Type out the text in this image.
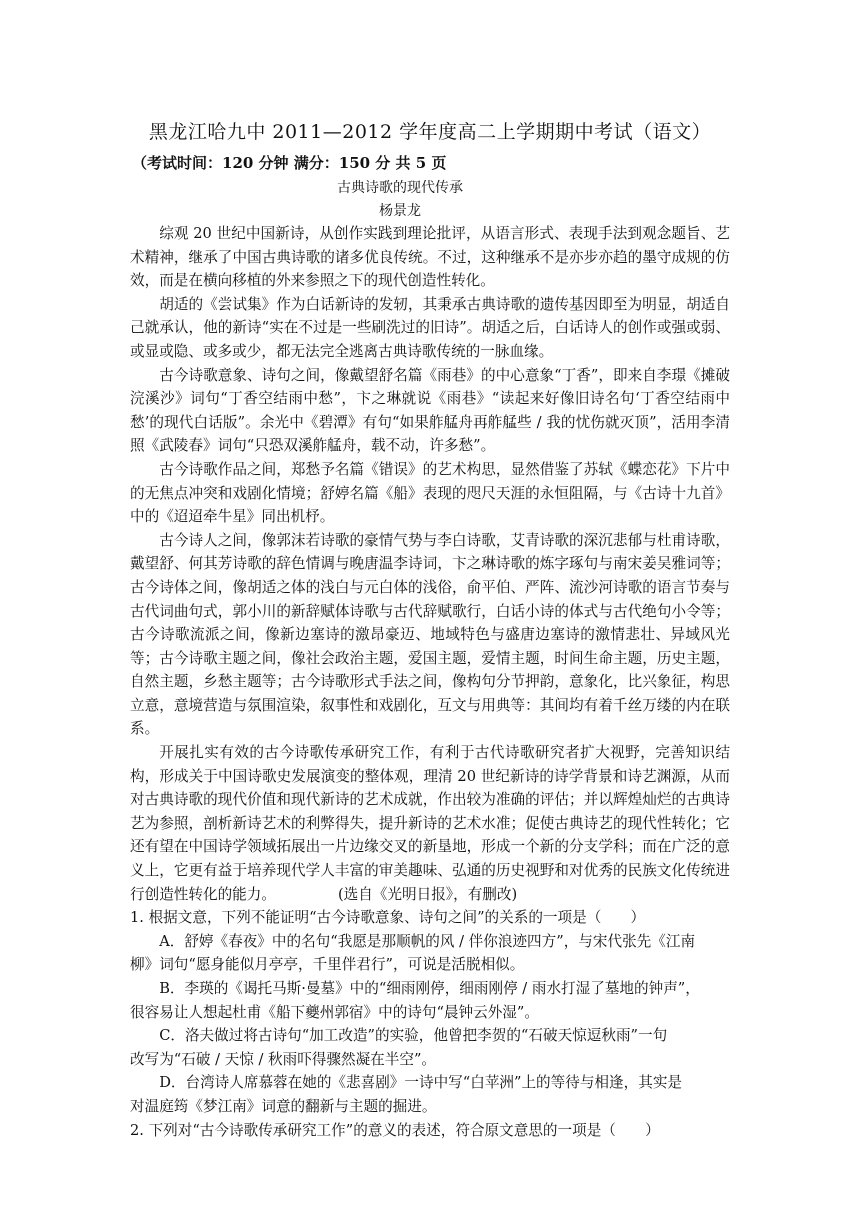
黑龙江哈九中 2011—2012 学年度高二上学期期中考试（语文）
（考试时间：120 分钟 满分：150 分 共 5 页
古典诗歌的现代传承
杨景龙

综观 20 世纪中国新诗，从创作实践到理论批评，从语言形式、表现手法到观念题旨、艺术精神，继承了中国古典诗歌的诸多优良传统。不过，这种继承不是亦步亦趋的墨守成规的仿效，而是在横向移植的外来参照之下的现代创造性转化。

胡适的《尝试集》作为白话新诗的发轫，其秉承古典诗歌的遗传基因即至为明显，胡适自己就承认，他的新诗“实在不过是一些刷洗过的旧诗”。胡适之后，白话诗人的创作或强或弱、或显或隐、或多或少，都无法完全逃离古典诗歌传统的一脉血缘。

古今诗歌意象、诗句之间，像戴望舒名篇《雨巷》的中心意象“丁香”，即来自李璟《摊破浣溪沙》词句“丁香空结雨中愁”，卞之琳就说《雨巷》“读起来好像旧诗名句‘丁香空结雨中愁’的现代白话版”。余光中《碧潭》有句“如果舴艋舟再舴艋些 / 我的忧伤就灭顶”，活用李清照《武陵春》词句“只恐双溪舴艋舟，载不动，许多愁”。

古今诗歌作品之间，郑愁予名篇《错误》的艺术构思，显然借鉴了苏轼《蝶恋花》下片中的无焦点冲突和戏剧化情境；舒婷名篇《船》表现的咫尺天涯的永恒阻隔，与《古诗十九首》中的《迢迢牵牛星》同出机杼。

古今诗人之间，像郭沫若诗歌的豪情气势与李白诗歌，艾青诗歌的深沉悲郁与杜甫诗歌，戴望舒、何其芳诗歌的辞色情调与晚唐温李诗词，卞之琳诗歌的炼字琢句与南宋姜吴雅词等；古今诗体之间，像胡适之体的浅白与元白体的浅俗，俞平伯、严阵、流沙河诗歌的语言节奏与古代词曲句式，郭小川的新辞赋体诗歌与古代辞赋歌行，白话小诗的体式与古代绝句小令等；古今诗歌流派之间，像新边塞诗的激昂豪迈、地域特色与盛唐边塞诗的激情悲壮、异域风光等；古今诗歌主题之间，像社会政治主题，爱国主题，爱情主题，时间生命主题，历史主题，自然主题，乡愁主题等；古今诗歌形式手法之间，像构句分节押韵，意象化，比兴象征，构思立意，意境营造与氛围渲染，叙事性和戏剧化，互文与用典等：其间均有着千丝万缕的内在联系。

开展扎实有效的古今诗歌传承研究工作，有利于古代诗歌研究者扩大视野，完善知识结构，形成关于中国诗歌史发展演变的整体观，理清 20 世纪新诗的诗学背景和诗艺渊源，从而对古典诗歌的现代价值和现代新诗的艺术成就，作出较为准确的评估；并以辉煌灿烂的古典诗艺为参照，剖析新诗艺术的利弊得失，提升新诗的艺术水准；促使古典诗艺的现代性转化；它还有望在中国诗学领域拓展出一片边缘交叉的新垦地，形成一个新的分支学科；而在广泛的意义上，它更有益于培养现代学人丰富的审美趣味、弘通的历史视野和对优秀的民族文化传统进行创造性转化的能力。	(选自《光明日报》，有删改)

1. 根据文意，下列不能证明“古今诗歌意象、诗句之间”的关系的一项是（　　）
A．舒婷《春夜》中的名句“我愿是那顺帆的风 / 伴你浪迹四方”，与宋代张先《江南
柳》词句“愿身能似月亭亭，千里伴君行”，可说是活脱相似。
B．李瑛的《谒托马斯·曼墓》中的“细雨刚停，细雨刚停 / 雨水打湿了墓地的钟声”，
很容易让人想起杜甫《船下夔州郭宿》中的诗句“晨钟云外湿”。
C．洛夫做过将古诗句“加工改造”的实验，他曾把李贺的“石破天惊逗秋雨”一句
改写为“石破 / 天惊 / 秋雨吓得骤然凝在半空”。
D．台湾诗人席慕蓉在她的《悲喜剧》一诗中写“白苹洲”上的等待与相逢，其实是
对温庭筠《梦江南》词意的翻新与主题的掘进。
2. 下列对“古今诗歌传承研究工作”的意义的表述，符合原文意思的一项是（　　）
